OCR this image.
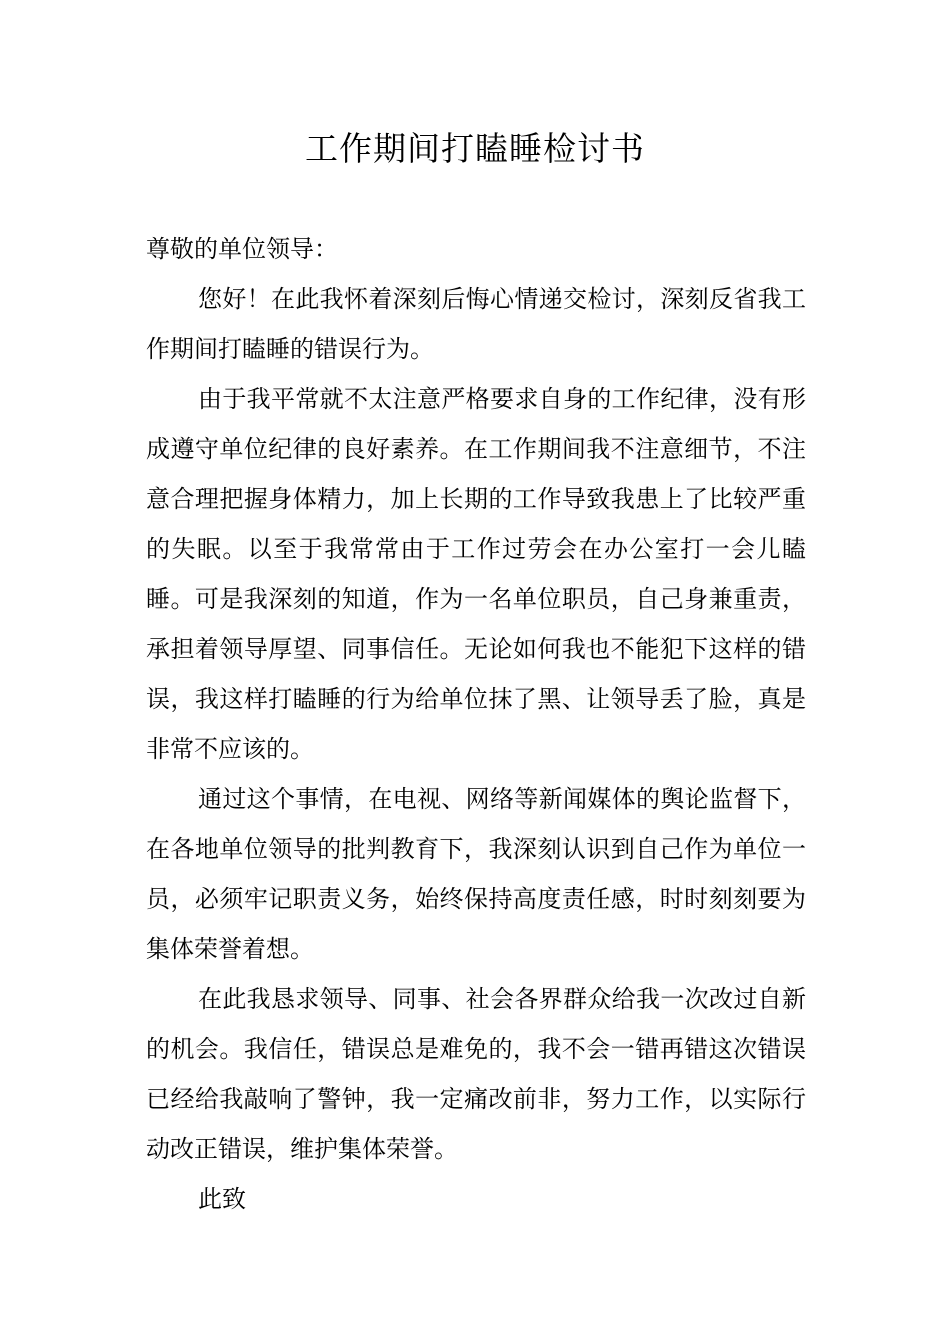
工作期间打瞌睡检讨书

尊敬的单位领导：

您好！在此我怀着深刻后悔心情递交检讨，深刻反省我工作期间打瞌睡的错误行为。

由于我平常就不太注意严格要求自身的工作纪律，没有形成遵守单位纪律的良好素养。在工作期间我不注意细节，不注意合理把握身体精力，加上长期的工作导致我患上了比较严重的失眠。以至于我常常由于工作过劳会在办公室打一会儿瞌睡。可是我深刻的知道，作为一名单位职员，自己身兼重责，承担着领导厚望、同事信任。无论如何我也不能犯下这样的错误，我这样打瞌睡的行为给单位抹了黑、让领导丢了脸，真是非常不应该的。

通过这个事情，在电视、网络等新闻媒体的舆论监督下，在各地单位领导的批判教育下，我深刻认识到自己作为单位一员，必须牢记职责义务，始终保持高度责任感，时时刻刻要为集体荣誉着想。

在此我恳求领导、同事、社会各界群众给我一次改过自新的机会。我信任，错误总是难免的，我不会一错再错这次错误已经给我敲响了警钟，我一定痛改前非，努力工作，以实际行动改正错误，维护集体荣誉。

此致
